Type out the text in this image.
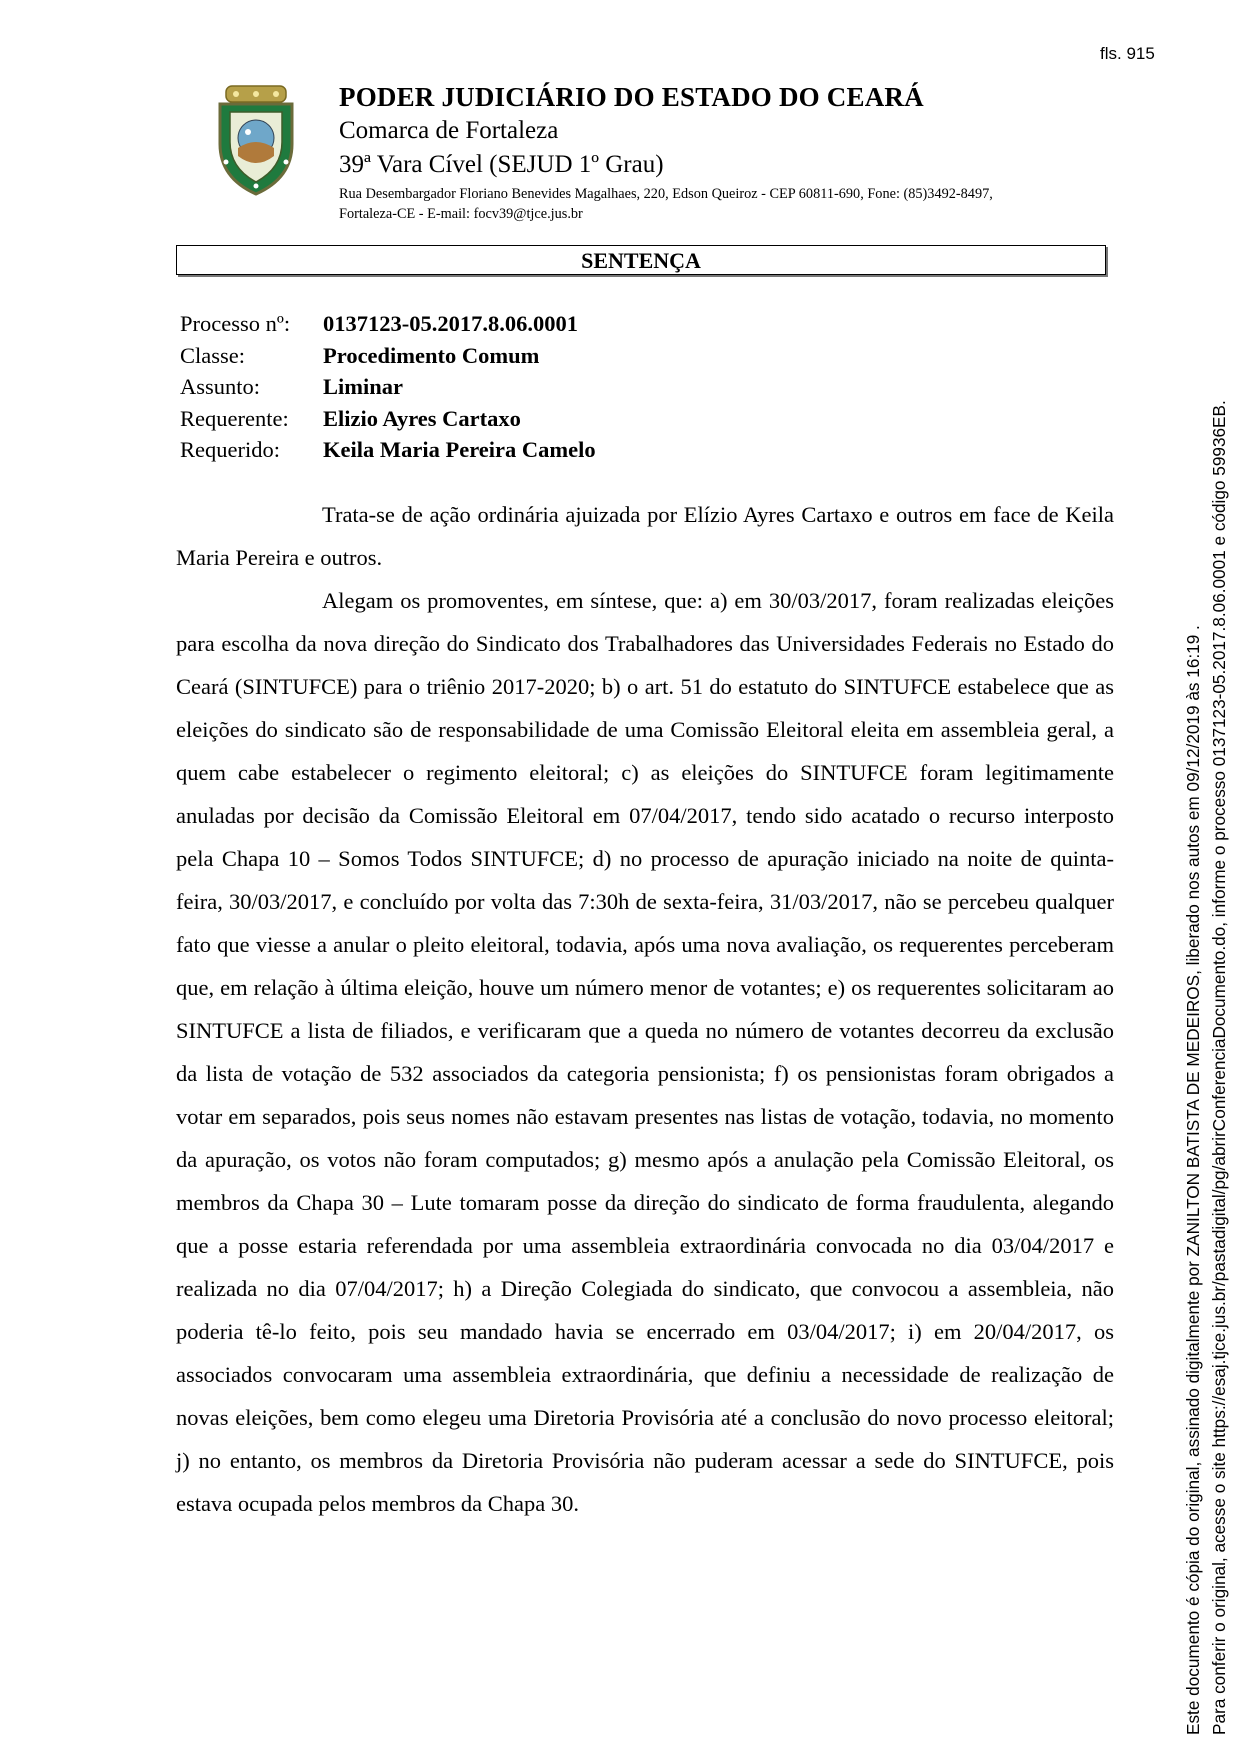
fls. 915
PODER JUDICIÁRIO DO ESTADO DO CEARÁ
Comarca de Fortaleza
39ª Vara Cível (SEJUD 1º Grau)
Rua Desembargador Floriano Benevides Magalhaes, 220, Edson Queiroz - CEP 60811-690, Fone: (85)3492-8497, Fortaleza-CE - E-mail: focv39@tjce.jus.br
SENTENÇA
Processo nº: 0137123-05.2017.8.06.0001
Classe:	Procedimento Comum
Assunto:	Liminar
Requerente: Elizio Ayres Cartaxo
Requerido: Keila Maria Pereira Camelo

Trata-se de ação ordinária ajuizada por Elízio Ayres Cartaxo e outros em face de Keila Maria Pereira e outros.

Alegam os promoventes, em síntese, que: a) em 30/03/2017, foram realizadas eleições para escolha da nova direção do Sindicato dos Trabalhadores das Universidades Federais no Estado do Ceará (SINTUFCE) para o triênio 2017-2020; b) o art. 51 do estatuto do SINTUFCE estabelece que as eleições do sindicato são de responsabilidade de uma Comissão Eleitoral eleita em assembleia geral, a quem cabe estabelecer o regimento eleitoral; c) as eleições do SINTUFCE foram legitimamente anuladas por decisão da Comissão Eleitoral em 07/04/2017, tendo sido acatado o recurso interposto pela Chapa 10 – Somos Todos SINTUFCE; d) no processo de apuração iniciado na noite de quinta-feira, 30/03/2017, e concluído por volta das 7:30h de sexta-feira, 31/03/2017, não se percebeu qualquer fato que viesse a anular o pleito eleitoral, todavia, após uma nova avaliação, os requerentes perceberam que, em relação à última eleição, houve um número menor de votantes; e) os requerentes solicitaram ao SINTUFCE a lista de filiados, e verificaram que a queda no número de votantes decorreu da exclusão da lista de votação de 532 associados da categoria pensionista; f) os pensionistas foram obrigados a votar em separados, pois seus nomes não estavam presentes nas listas de votação, todavia, no momento da apuração, os votos não foram computados; g) mesmo após a anulação pela Comissão Eleitoral, os membros da Chapa 30 – Lute tomaram posse da direção do sindicato de forma fraudulenta, alegando que a posse estaria referendada por uma assembleia extraordinária convocada no dia 03/04/2017 e realizada no dia 07/04/2017; h) a Direção Colegiada do sindicato, que convocou a assembleia, não poderia tê-lo feito, pois seu mandado havia se encerrado em 03/04/2017; i) em 20/04/2017, os associados convocaram uma assembleia extraordinária, que definiu a necessidade de realização de novas eleições, bem como elegeu uma Diretoria Provisória até a conclusão do novo processo eleitoral; j) no entanto, os membros da Diretoria Provisória não puderam acessar a sede do SINTUFCE, pois estava ocupada pelos membros da Chapa 30.	Este documento é cópia do original, assinado digitalmente por ZANILTON BATISTA DE MEDEIROS, liberado nos autos em 09/12/2019 às 16:19 . Para conferir o original, acesse o site https://esaj.tjce.jus.br/pastadigital/pg/abrirConferenciaDocumento.do, informe o processo 0137123-05.2017.8.06.0001 e código 59936EB.
